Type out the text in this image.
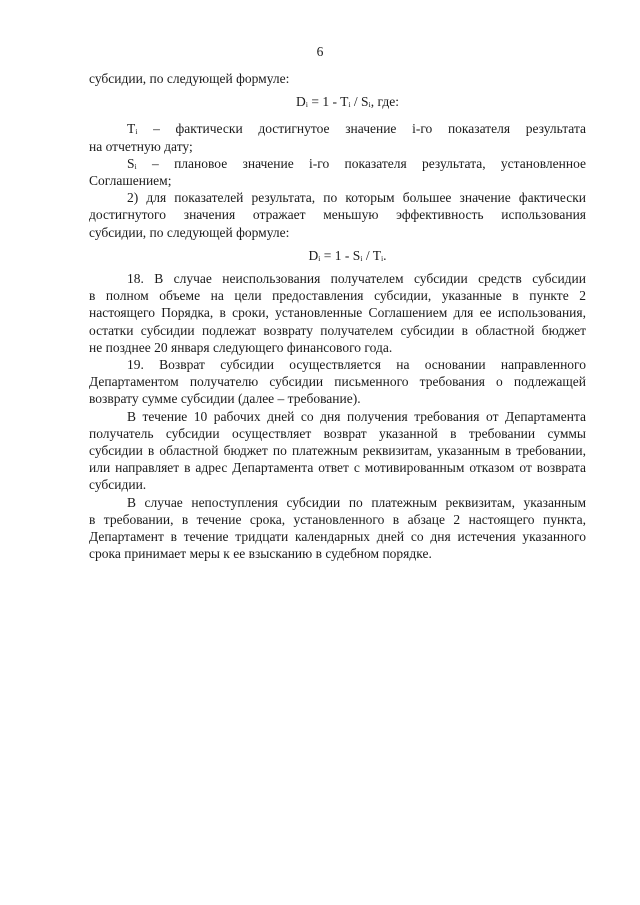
6

субсидии, по следующей формуле:

Dᵢ = 1 - Tᵢ / Sᵢ, где:

Tᵢ – фактически достигнутое значение i-го показателя результата
на отчетную дату;

Sᵢ – плановое значение i-го показателя результата, установленное
Соглашением;

2) для показателей результата, по которым большее значение фактически
достигнутого значения отражает меньшую эффективность использования
субсидии, по следующей формуле:

Dᵢ = 1 - Sᵢ / Tᵢ.

18. В случае неиспользования получателем субсидии средств субсидии
в полном объеме на цели предоставления субсидии, указанные в пункте 2
настоящего Порядка, в сроки, установленные Соглашением для ее использования,
остатки субсидии подлежат возврату получателем субсидии в областной бюджет
не позднее 20 января следующего финансового года.

19. Возврат субсидии осуществляется на основании направленного
Департаментом получателю субсидии письменного требования о подлежащей
возврату сумме субсидии (далее – требование).

В течение 10 рабочих дней со дня получения требования от Департамента
получатель субсидии осуществляет возврат указанной в требовании суммы
субсидии в областной бюджет по платежным реквизитам, указанным в требовании,
или направляет в адрес Департамента ответ с мотивированным отказом от возврата
субсидии.

В случае непоступления субсидии по платежным реквизитам, указанным
в требовании, в течение срока, установленного в абзаце 2 настоящего пункта,
Департамент в течение тридцати календарных дней со дня истечения указанного
срока принимает меры к ее взысканию в судебном порядке.
